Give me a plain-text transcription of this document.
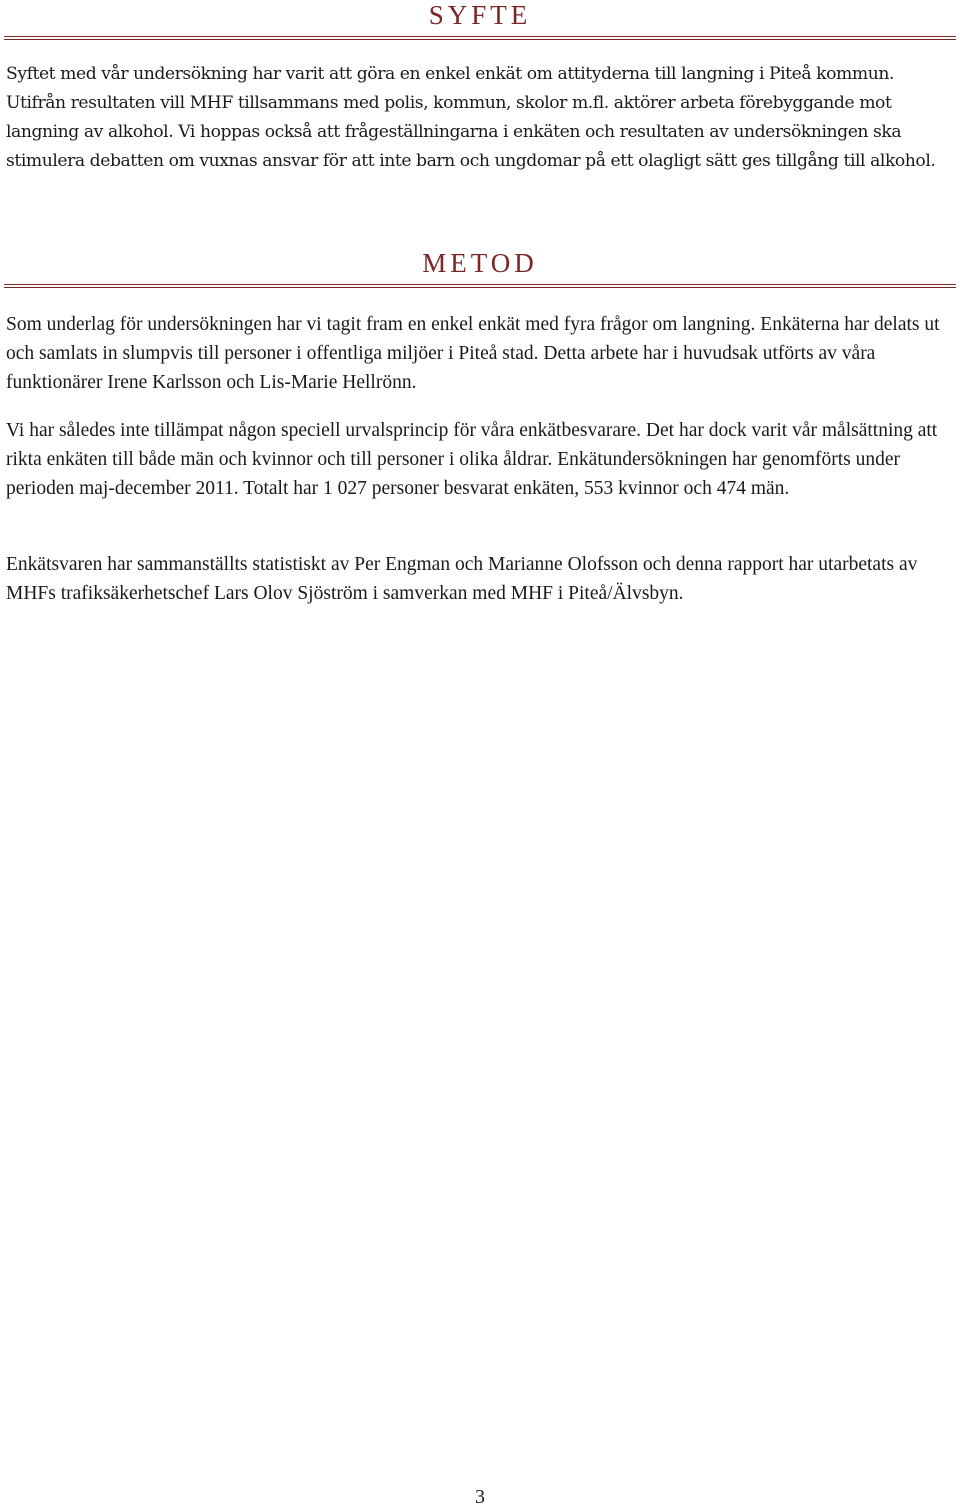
SYFTE

Syftet med vår undersökning har varit att göra en enkel enkät om attityderna till langning i Piteå kommun. Utifrån resultaten vill MHF tillsammans med polis, kommun, skolor m.fl. aktörer arbeta förebyggande mot langning av alkohol. Vi hoppas också att frågeställningarna i enkäten och resultaten av undersökningen ska stimulera debatten om vuxnas ansvar för att inte barn och ungdomar på ett olagligt sätt ges tillgång till alkohol.

METOD

Som underlag för undersökningen har vi tagit fram en enkel enkät med fyra frågor om langning. Enkäterna har delats ut och samlats in slumpvis till personer i offentliga miljöer i Piteå stad. Detta arbete har i huvudsak utförts av våra funktionärer Irene Karlsson och Lis-Marie Hellrönn.

Vi har således inte tillämpat någon speciell urvalsprincip för våra enkätbesvarare. Det har dock varit vår målsättning att rikta enkäten till både män och kvinnor och till personer i olika åldrar. Enkätundersökningen har genomförts under perioden maj-december 2011. Totalt har 1 027 personer besvarat enkäten, 553 kvinnor och 474 män.

Enkätsvaren har sammanställts statistiskt av Per Engman och Marianne Olofsson och denna rapport har utarbetats av MHFs trafiksäkerhetschef Lars Olov Sjöström i samverkan med MHF i Piteå/Älvsbyn.

3
